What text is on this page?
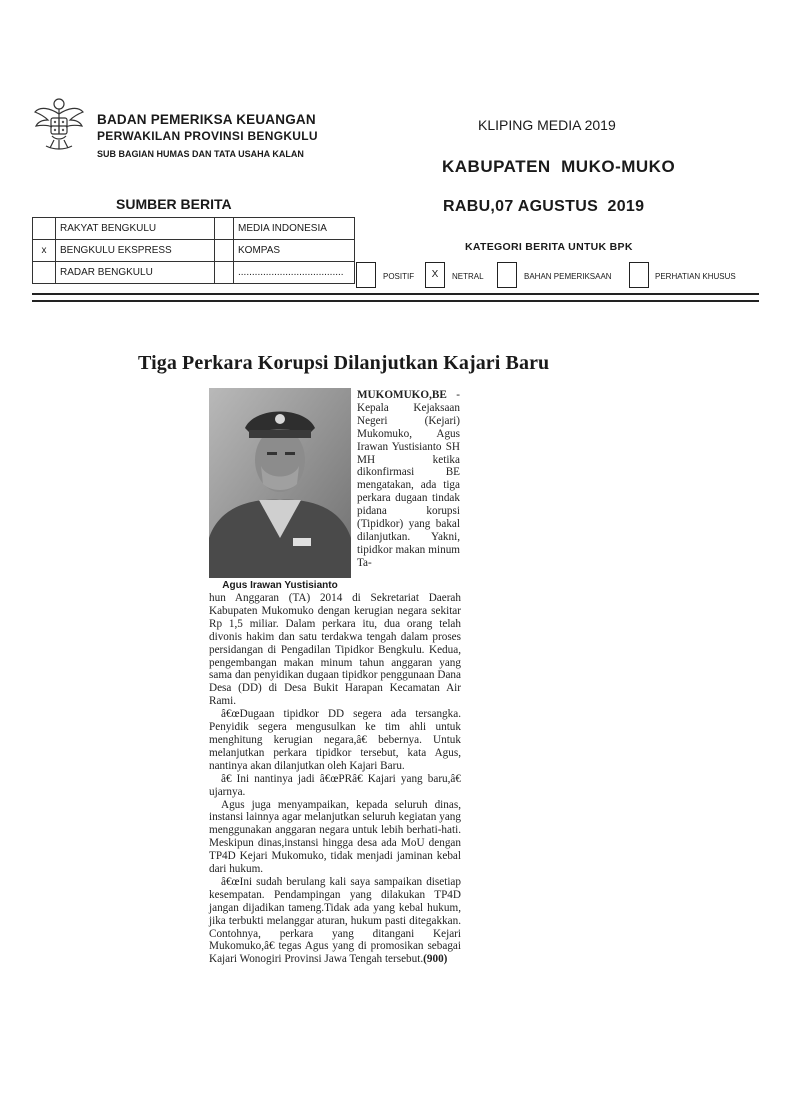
BADAN PEMERIKSA KEUANGAN
PERWAKILAN PROVINSI BENGKULU
SUB BAGIAN HUMAS DAN TATA USAHA KALAN
KLIPING MEDIA 2019
KABUPATEN  MUKO-MUKO
RABU,07 AGUSTUS  2019
SUMBER BERITA
	RAKYAT BENGKULU		MEDIA INDONESIA
x	BENGKULU EKSPRESS		KOMPAS
	RADAR BENGKULU		......................................
KATEGORI BERITA UNTUK BPK
POSITIF	X	NETRAL	BAHAN PEMERIKSAAN	PERHATIAN KHUSUS
Tiga Perkara Korupsi Dilanjutkan Kajari Baru
Agus Irawan Yustisianto

MUKOMUKO,BE - Kepala Kejaksaan Negeri (Kejari) Mukomuko, Agus Irawan Yustisianto SH MH ketika dikonfirmasi BE mengatakan, ada tiga perkara dugaan tindak pidana korupsi (Tipidkor) yang bakal dilanjutkan. Yakni, tipidkor makan minum Ta-

hun Anggaran (TA) 2014 di Sekretariat Daerah Kabupaten Mukomuko dengan kerugian negara sekitar Rp 1,5 miliar. Dalam perkara itu, dua orang telah divonis hakim dan satu terdakwa tengah dalam proses persidangan di Pengadilan Tipidkor Bengkulu. Kedua, pengembangan makan minum tahun anggaran yang sama dan penyidikan dugaan tipidkor penggunaan Dana Desa (DD) di Desa Bukit Harapan Kecamatan Air Rami.

â€œDugaan tipidkor DD segera ada tersangka. Penyidik segera mengusulkan ke tim ahli untuk menghitung kerugian negara,â€ bebernya. Untuk melanjutkan perkara tipidkor tersebut, kata Agus, nantinya akan dilanjutkan oleh Kajari Baru.

â€ Ini nantinya jadi â€œPRâ€ Kajari yang baru,â€ ujarnya.

Agus juga menyampaikan, kepada seluruh dinas, instansi lainnya agar melanjutkan seluruh kegiatan yang menggunakan anggaran negara untuk lebih berhati-hati. Meskipun dinas,instansi hingga desa ada MoU dengan TP4D Kejari Mukomuko, tidak menjadi jaminan kebal dari hukum.

â€œIni sudah berulang kali saya sampaikan disetiap kesempatan. Pendampingan yang dilakukan TP4D jangan dijadikan tameng.Tidak ada yang kebal hukum, jika terbukti melanggar aturan, hukum pasti ditegakkan. Contohnya, perkara yang ditangani Kejari Mukomuko,â€ tegas Agus yang di promosikan sebagai Kajari Wonogiri Provinsi Jawa Tengah tersebut.(900)
